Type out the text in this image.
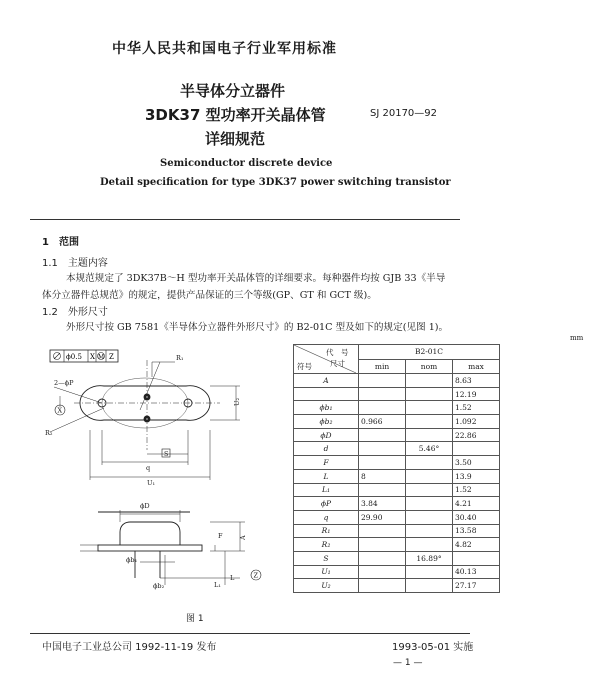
中华人民共和国电子行业军用标准
半导体分立器件
3DK37 型功率开关晶体管
详细规范
SJ 20170—92
Semiconductor discrete device
Detail specification for type 3DK37 power switching transistor
1　范围
1.1　主题内容
本规范规定了 3DK37B～H 型功率开关晶体管的详细要求。每种器件均按 GJB 33《半导
体分立器件总规范》的规定，提供产品保证的三个等级(GP、GT 和 GCT 级)。
1.2　外形尺寸
外形尺寸按 GB 7581《半导体分立器件外形尺寸》的 B2-01C 型及如下的规定(见图 1)。
ϕ0.5 X M Z	R₁
2—ϕP
X
R₂
U₂
q
S
U₁
ϕD
ϕb₁
ϕb₂
A
F
L
L₁
Z
图 1
mm
代　号
尺寸
符号	B2-01C		
	min	nom	max
A			8.63
			12.19
ϕb₁			1.52
ϕb₂	0.966		1.092
ϕD			22.86
d		5.46°	
F			3.50
L	8		13.9
L₁			1.52
ϕP	3.84		4.21
q	29.90		30.40
R₁			13.58
R₂			4.82
S		16.89°	
U₁			40.13
U₂			27.17
中国电子工业总公司 1992-11-19 发布	1993-05-01 实施
— 1 —
